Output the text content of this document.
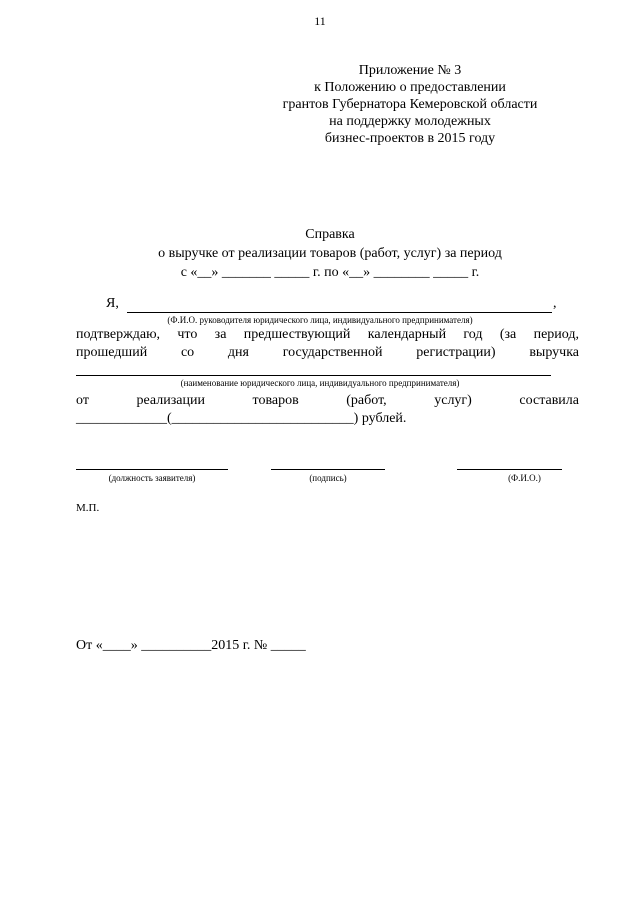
11
Приложение № 3
к Положению о предоставлении
грантов Губернатора Кемеровской области
на поддержку молодежных
бизнес-проектов в 2015 году
Справка
о выручке от реализации товаров (работ, услуг) за период
с «__» _______ _____ г. по «__» ________ _____ г.
Я,	,
(Ф.И.О. руководителя юридического лица, индивидуального предпринимателя)
подтверждаю, что за предшествующий календарный год (за период,
прошедший со дня государственной регистрации) выручка
(наименование юридического лица, индивидуального предпринимателя)
от реализации товаров (работ, услуг) составила
_____________(__________________________) рублей.
(должность заявителя)	(подпись)	(Ф.И.О.)
М.П.
От «____» __________2015 г. № _____
